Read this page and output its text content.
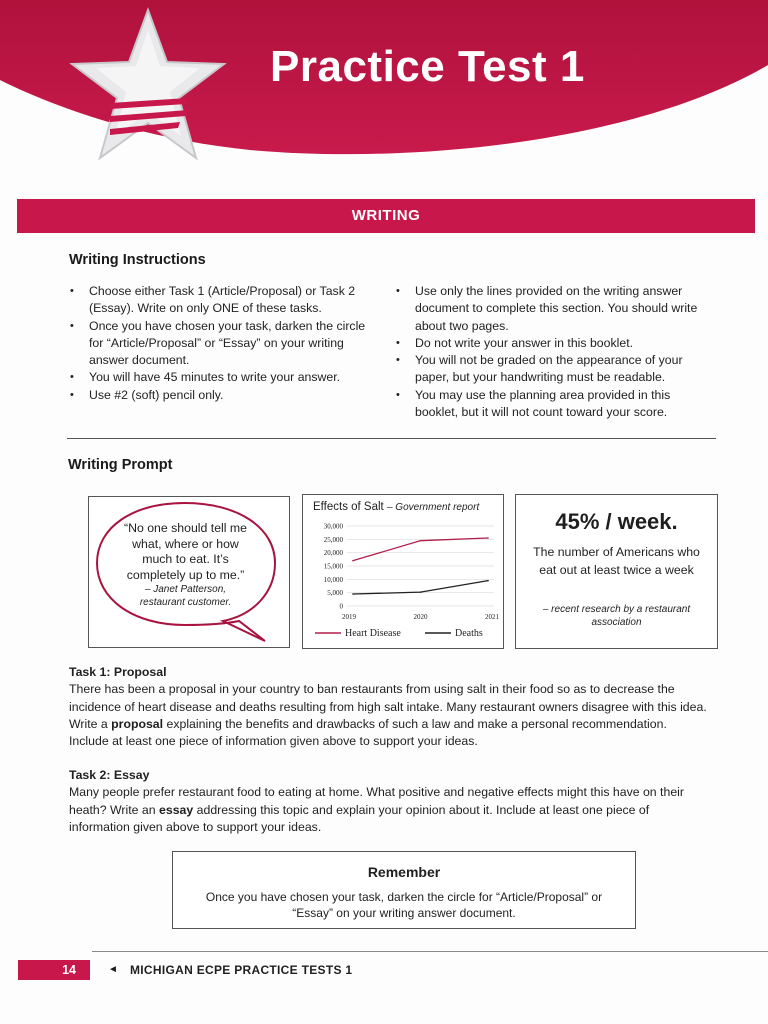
Practice Test 1
WRITING
Writing Instructions
• Choose either Task 1 (Article/Proposal) or Task 2 (Essay). Write on only ONE of these tasks.
• Once you have chosen your task, darken the circle for “Article/Proposal” or “Essay” on your writing answer document.
• You will have 45 minutes to write your answer.
• Use #2 (soft) pencil only.
• Use only the lines provided on the writing answer document to complete this section. You should write about two pages.
• Do not write your answer in this booklet.
• You will not be graded on the appearance of your paper, but your handwriting must be readable.
• You may use the planning area provided in this booklet, but it will not count toward your score.
Writing Prompt
“No one should tell me what, where or how much to eat. It’s completely up to me.”
– Janet Patterson, restaurant customer.
Effects of Salt – Government report
30,000
25,000
20,000
15,000
10,000
5,000
0
2019	2020	2021
Heart Disease	Deaths
45% / week.
The number of Americans who eat out at least twice a week
– recent research by a restaurant association
Task 1: Proposal
There has been a proposal in your country to ban restaurants from using salt in their food so as to decrease the incidence of heart disease and deaths resulting from high salt intake. Many restaurant owners disagree with this idea. Write a proposal explaining the benefits and drawbacks of such a law and make a personal recommendation. Include at least one piece of information given above to support your ideas.
Task 2: Essay
Many people prefer restaurant food to eating at home. What positive and negative effects might this have on their heath? Write an essay addressing this topic and explain your opinion about it. Include at least one piece of information given above to support your ideas.
Remember
Once you have chosen your task, darken the circle for “Article/Proposal” or “Essay” on your writing answer document.
14	◄ MICHIGAN ECPE PRACTICE TESTS 1
